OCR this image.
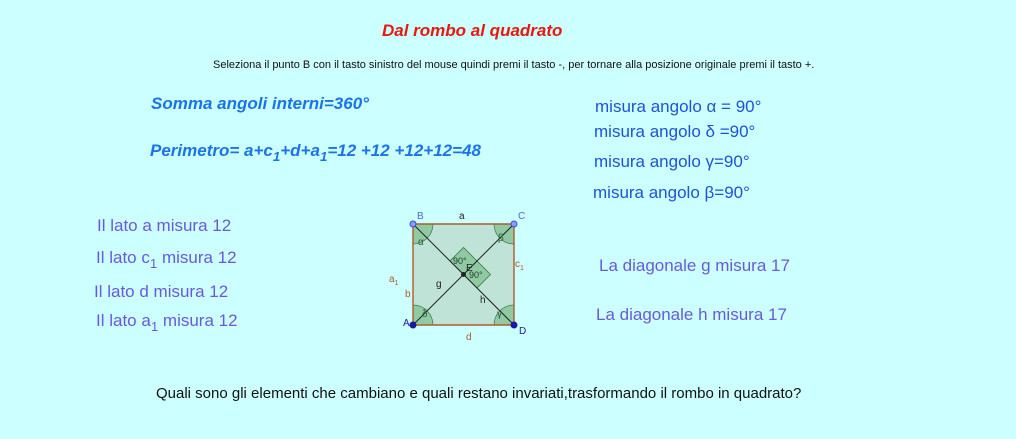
Dal rombo al quadrato
Seleziona il punto B con il tasto sinistro del mouse quindi premi il tasto -, per tornare alla posizione originale premi il tasto +.
Somma angoli interni=360°
Perimetro= $a+c_1+d+a_1=12 +12 +12+12=48$
misura angolo α = 90°
misura angolo δ =90°
misura angolo γ=90°
misura angolo β=90°
Il lato a misura 12
Il lato $c_1$ misura 12
Il lato d misura 12
Il lato $a_1$ misura 12
La diagonale g misura 17
La diagonale h misura 17
B	C
D
A
E
a
d
$c_1$
$a_1$
b
g
h
α	β
γ
δ
90°
90°
Quali sono gli elementi che cambiano e quali restano invariati,trasformando il rombo in quadrato?
